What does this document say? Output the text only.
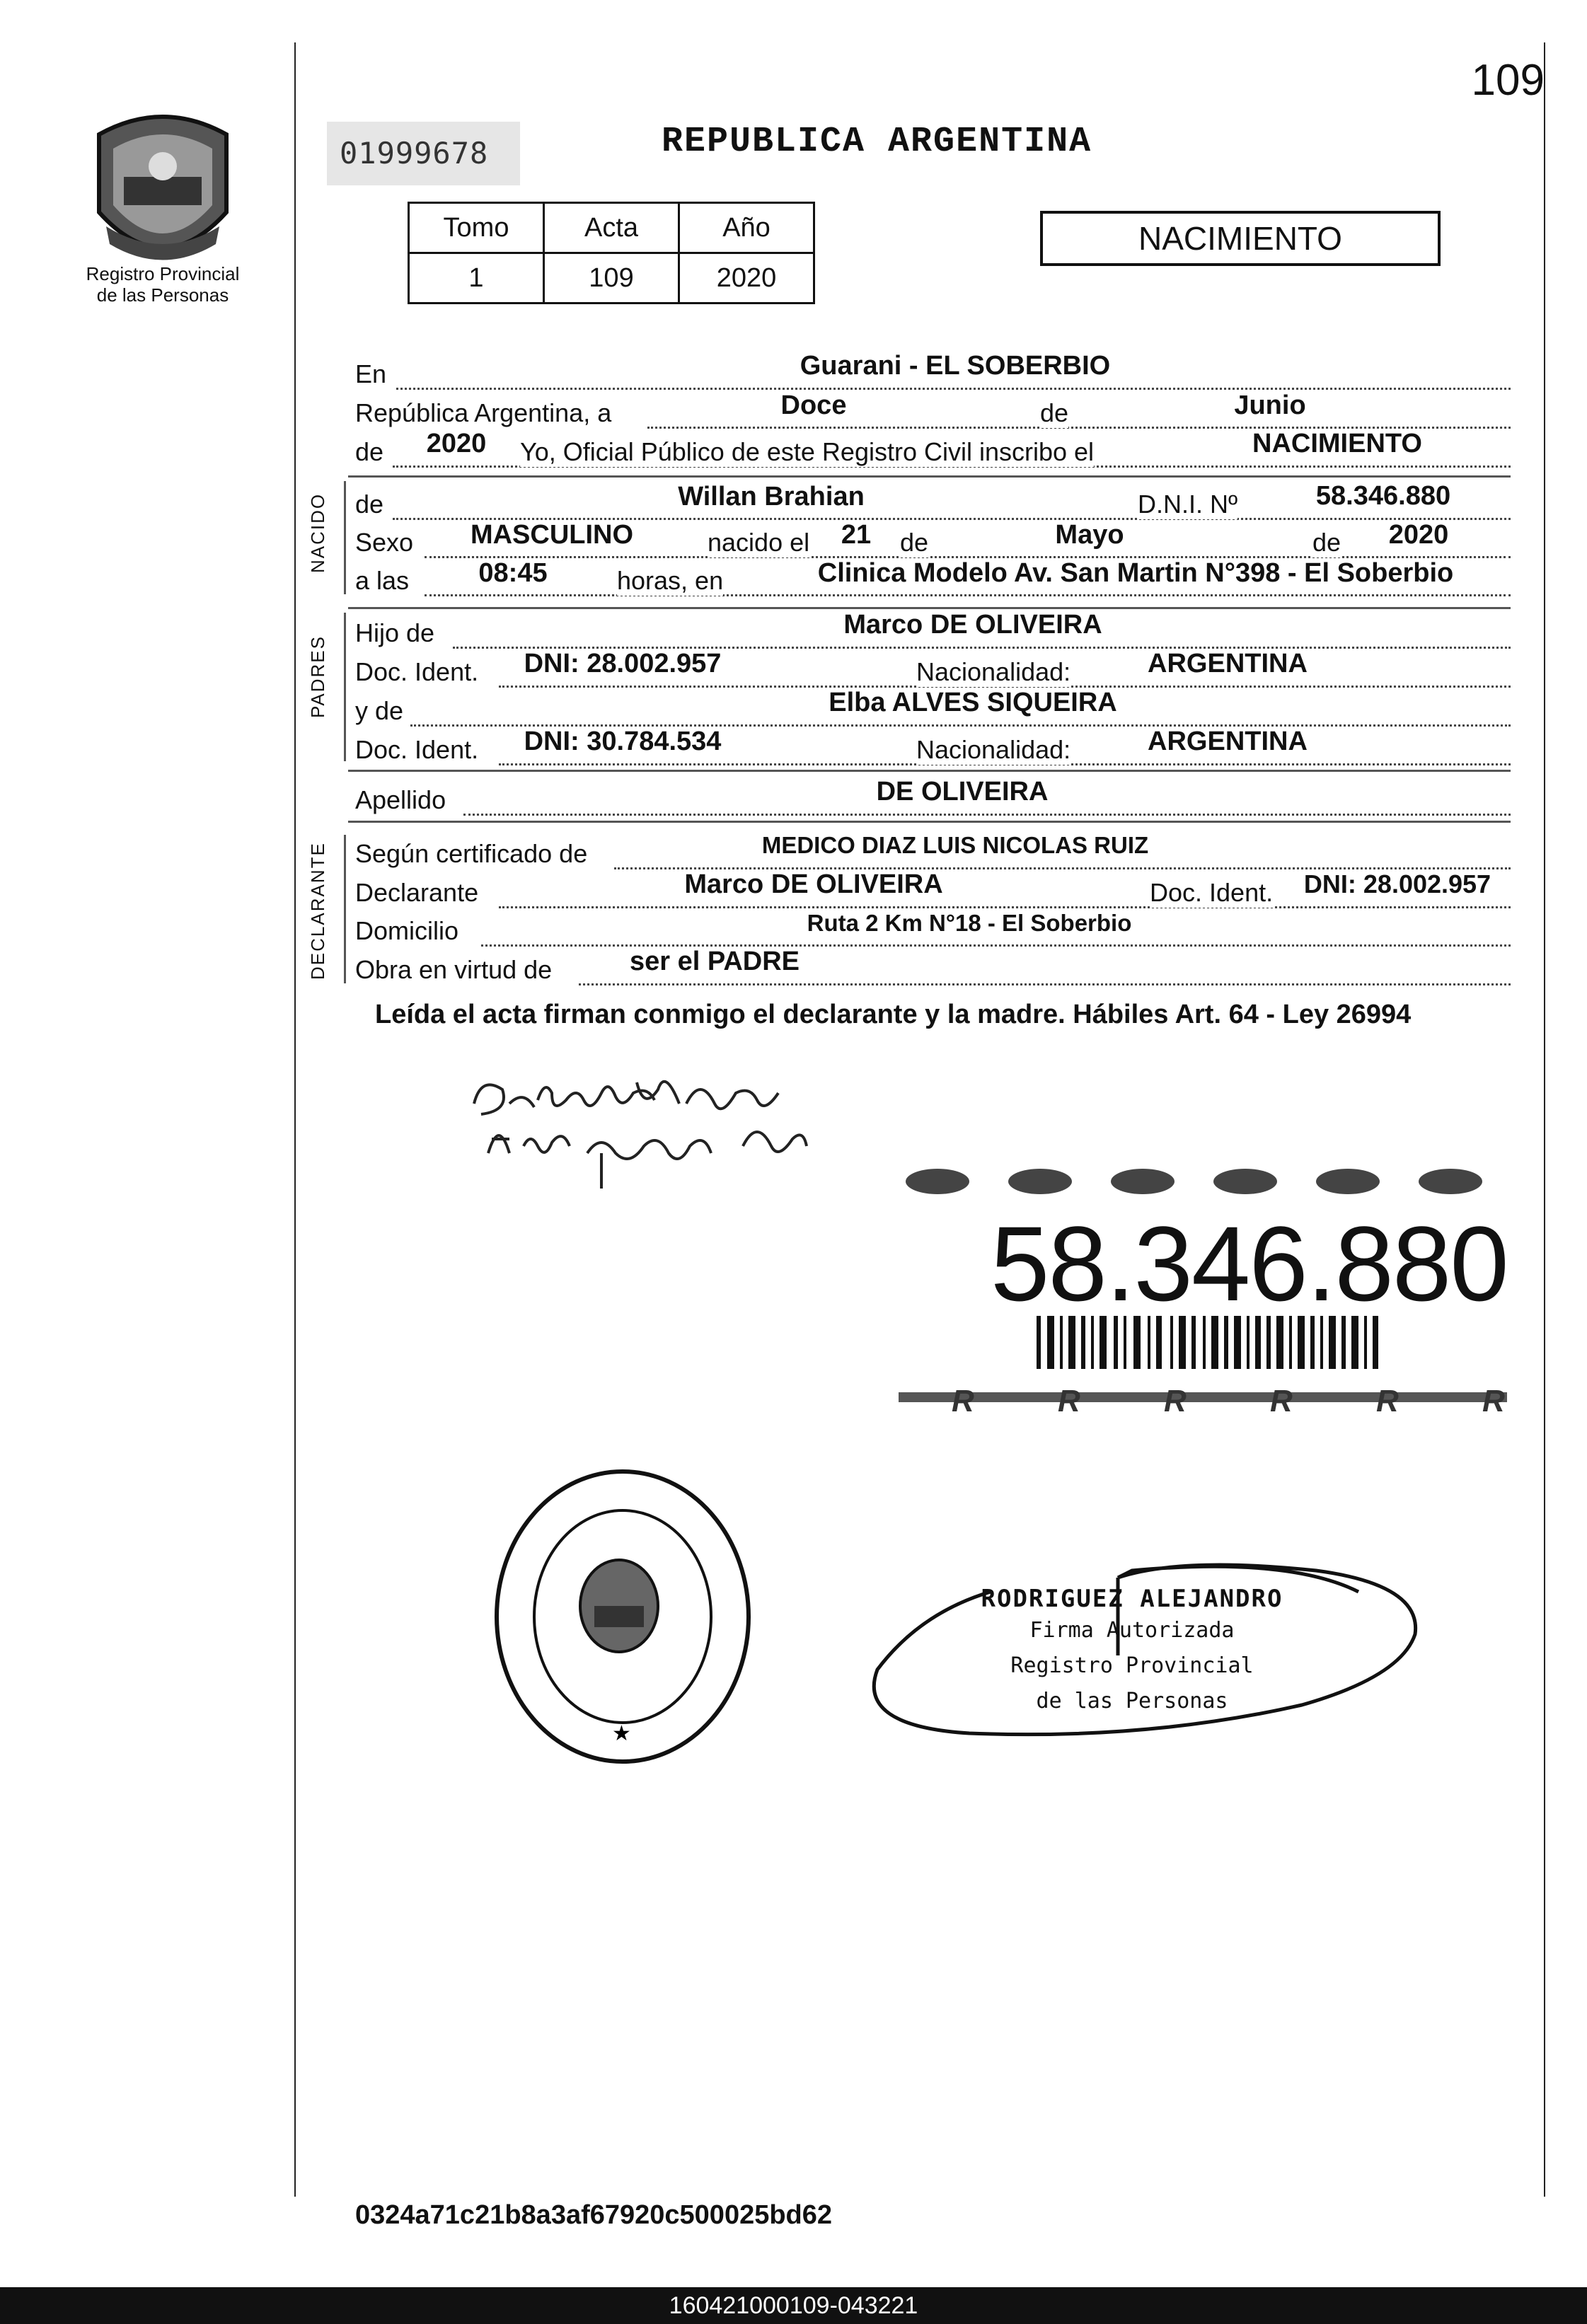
109
Registro Provincial
de las Personas
01999678	REPUBLICA ARGENTINA
Tomo	Acta	Año
1	109	2020
NACIMIENTO
En	Guarani - EL SOBERBIO
República Argentina, a	Doce	de	Junio
de	2020	Yo, Oficial Público de este Registro Civil inscribo el	NACIMIENTO
NACIDO de	Willan Brahian	D.N.I. Nº	58.346.880
Sexo	MASCULINO	nacido el 21 de	Mayo	de	2020
a las	08:45	horas, en	Clinica Modelo Av. San Martin N°398 - El Soberbio
PADRES
Hijo de	Marco DE OLIVEIRA
Doc. Ident. DNI: 28.002.957	Nacionalidad:	ARGENTINA
y de	Elba ALVES SIQUEIRA
Doc. Ident. DNI: 30.784.534	Nacionalidad:	ARGENTINA
Apellido	DE OLIVEIRA
DECLARANTE Según certificado de	MEDICO DIAZ LUIS NICOLAS RUIZ
Declarante	Marco DE OLIVEIRA	Doc. Ident.	DNI: 28.002.957
Domicilio	Ruta 2 Km N°18 - El Soberbio
Obra en virtud de	ser el PADRE
Leída el acta firman conmigo el declarante y la madre. Hábiles Art. 64 - Ley 26994
R	R	R	R	R	R
58.346.880
★
RODRIGUEZ ALEJANDRO
Firma Autorizada
Registro Provincial
de las Personas
0324a71c21b8a3af67920c500025bd62
160421000109-043221
